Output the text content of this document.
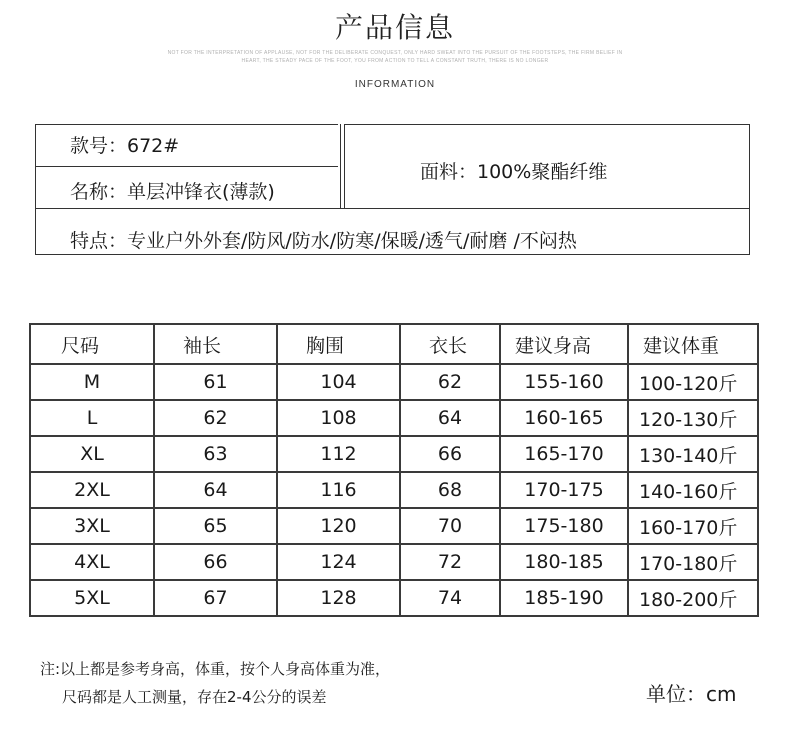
产品信息
NOT FOR THE INTERPRETATION OF APPLAUSE, NOT FOR THE DELIBERATE CONQUEST, ONLY HARD SWEAT INTO THE PURSUIT OF THE FOOTSTEPS, THE FIRM BELIEF IN
HEART, THE STEADY PACE OF THE FOOT, YOU FROM ACTION TO TELL A CONSTANT TRUTH, THERE IS NO LONGER
INFORMATION
款号：672#
名称：单层冲锋衣(薄款)
面料：100%聚酯纤维
特点：专业户外外套/防风/防水/防寒/保暖/透气/耐磨 /不闷热
尺码	袖长	胸围	衣长	建议身高	建议体重
M	61	104	62	155-160	100-120斤
L	62	108	64	160-165	120-130斤
XL	63	112	66	165-170	130-140斤
2XL	64	116	68	170-175	140-160斤
3XL	65	120	70	175-180	160-170斤
4XL	66	124	72	180-185	170-180斤
5XL	67	128	74	185-190	180-200斤
注:以上都是参考身高，体重，按个人身高体重为准，
尺码都是人工测量，存在2-4公分的误差	单位：cm
